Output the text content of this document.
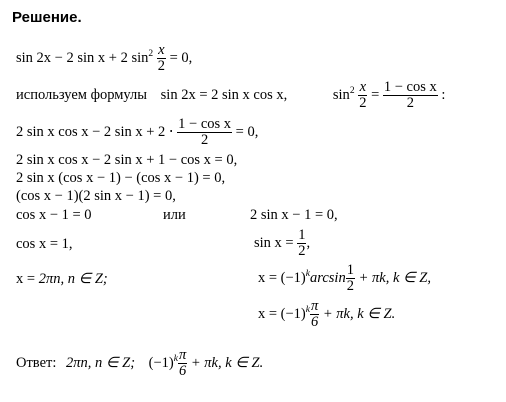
Решение.
sin 2x − 2 sin x + 2 $\sin^2 \frac{x}{2} = 0$,
используем формулы sin 2x = 2 sin x cos x,	$\sin^2 \frac{x}{2} = \frac{\text{1 − cos x}}{2}$ :
2 sin x cos x − 2 $\sin x + 2 \cdot \frac{\text{1 − cos x}}{2} = 0$,
2 sin x cos x − 2 sin x + 1 − cos x = 0,
2 sin x (cos x − 1) − (cos x − 1) = 0,
(cos x − 1)(2 sin x − 1) = 0,
cos x − 1 = 0	или	2 sin x − 1 = 0,
cos x = 1,	$\sin x = \frac{1}{2}$ ,
x = 2πn, n ∈ Z;	$x = (-1)^k\arcsin \frac{1}{2} + \pi k$, k ∈ Z,
$x = (-1)^k \frac{\pi}{6} + \pi k$, k ∈ Z.
Ответ: 2πn, n ∈ Z; $(-1)^k \frac{\pi}{6} + \pi k$, k ∈ Z.
